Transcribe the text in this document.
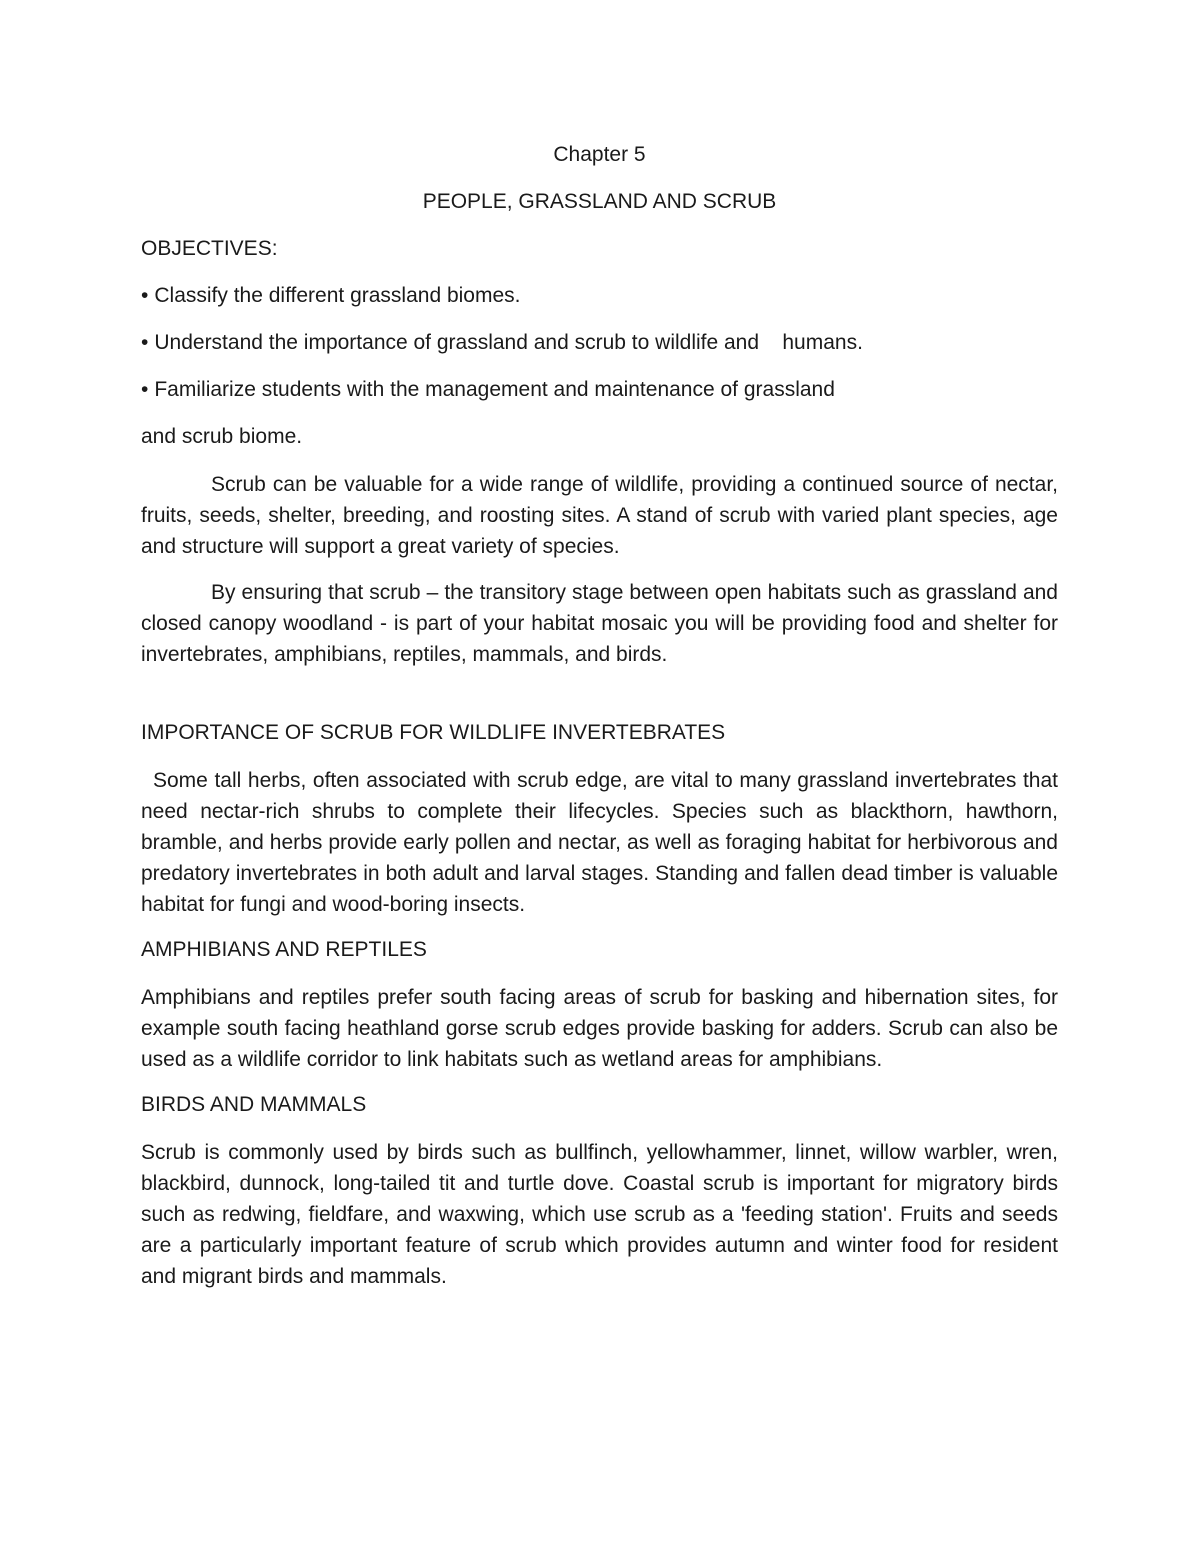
Chapter 5
PEOPLE, GRASSLAND AND SCRUB
OBJECTIVES:
• Classify the different grassland biomes.
• Understand the importance of grassland and scrub to wildlife and    humans.
• Familiarize students with the management and maintenance of grassland
and scrub biome.

Scrub can be valuable for a wide range of wildlife, providing a continued source of nectar, fruits, seeds, shelter, breeding, and roosting sites. A stand of scrub with varied plant species, age and structure will support a great variety of species.

By ensuring that scrub – the transitory stage between open habitats such as grassland and closed canopy woodland - is part of your habitat mosaic you will be providing food and shelter for invertebrates, amphibians, reptiles, mammals, and birds.

IMPORTANCE OF SCRUB FOR WILDLIFE INVERTEBRATES

Some tall herbs, often associated with scrub edge, are vital to many grassland invertebrates that need nectar-rich shrubs to complete their lifecycles. Species such as blackthorn, hawthorn, bramble, and herbs provide early pollen and nectar, as well as foraging habitat for herbivorous and predatory invertebrates in both adult and larval stages. Standing and fallen dead timber is valuable habitat for fungi and wood-boring insects.

AMPHIBIANS AND REPTILES

Amphibians and reptiles prefer south facing areas of scrub for basking and hibernation sites, for example south facing heathland gorse scrub edges provide basking for adders. Scrub can also be used as a wildlife corridor to link habitats such as wetland areas for amphibians.

BIRDS AND MAMMALS

Scrub is commonly used by birds such as bullfinch, yellowhammer, linnet, willow warbler, wren, blackbird, dunnock, long-tailed tit and turtle dove. Coastal scrub is important for migratory birds such as redwing, fieldfare, and waxwing, which use scrub as a 'feeding station'. Fruits and seeds are a particularly important feature of scrub which provides autumn and winter food for resident and migrant birds and mammals.
